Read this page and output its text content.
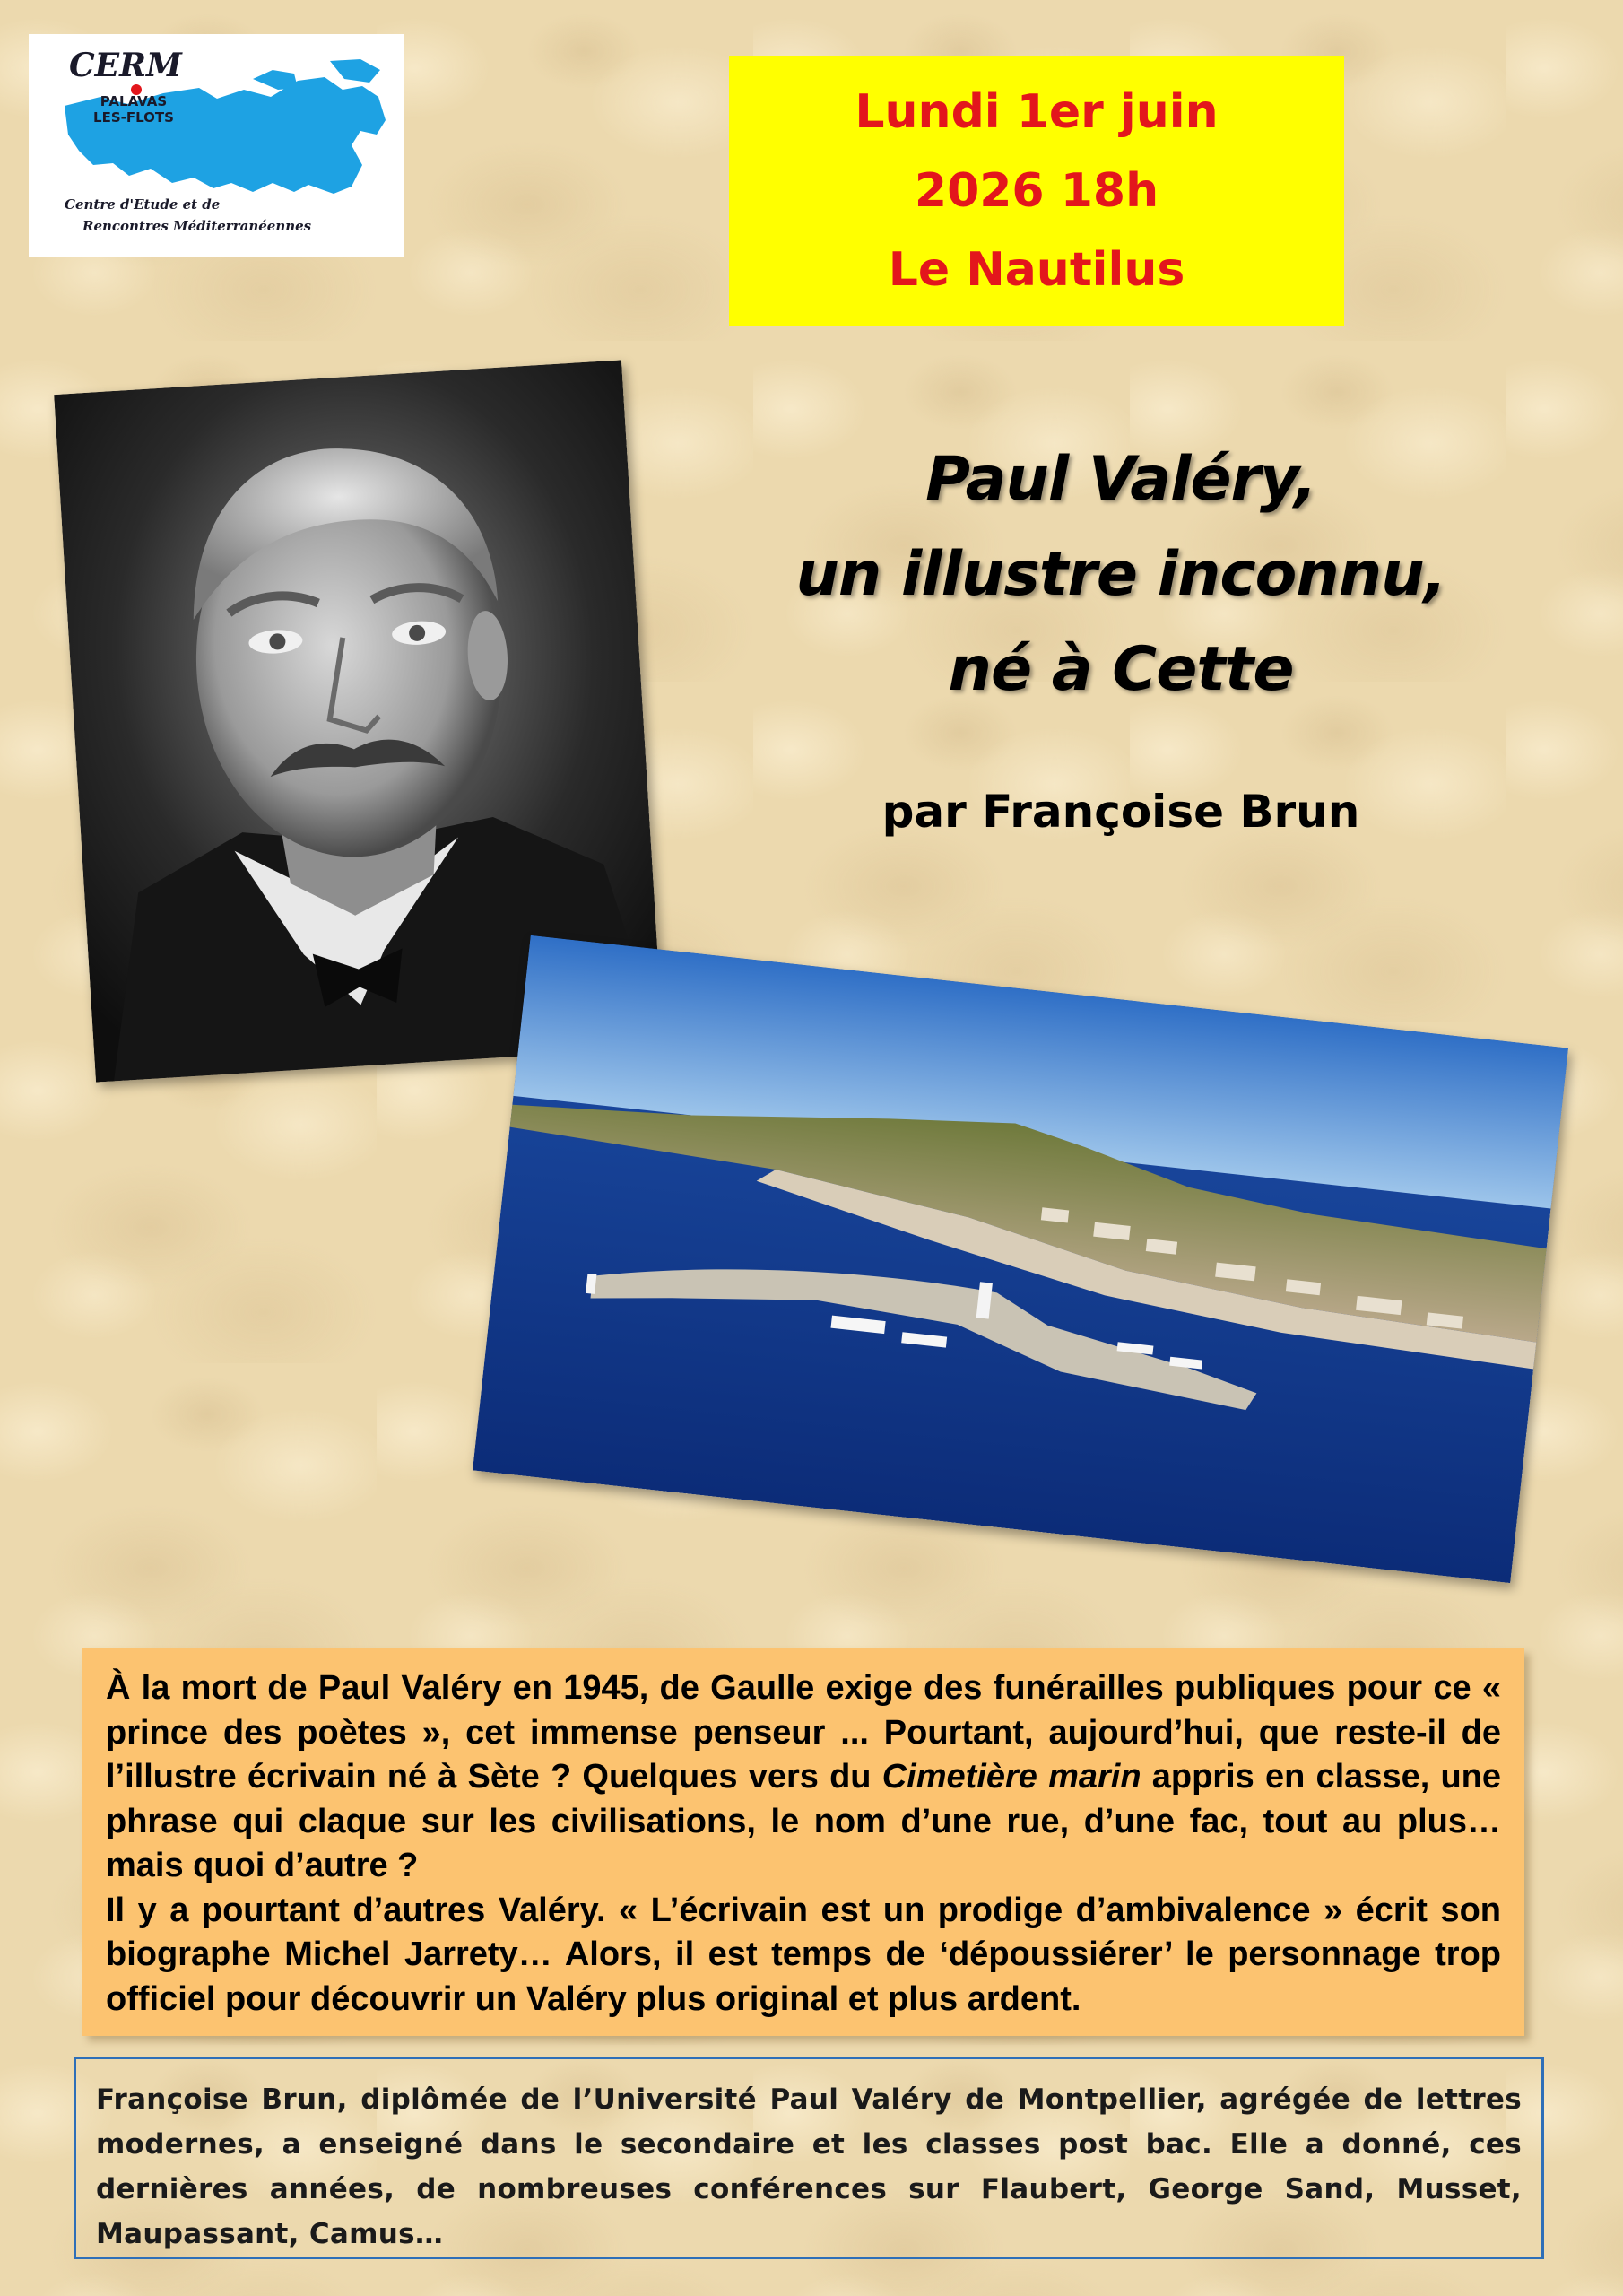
CERM
PALAVAS
LES-FLOTS
Centre d'Etude et de
Rencontres Méditerranéennes
Lundi 1er juin
2026 18h
Le Nautilus
Paul Valéry,
un illustre inconnu,
né à Cette
par Françoise Brun

À la mort de Paul Valéry en 1945, de Gaulle exige des funérailles publiques pour ce « prince des poètes », cet immense penseur ... Pourtant, aujourd’hui, que reste-il de l’illustre écrivain né à Sète ? Quelques vers du Cimetière marin appris en classe, une phrase qui claque sur les civilisations, le nom d’une rue, d’une fac, tout au plus… mais quoi d’autre ?

Il y a pourtant d’autres Valéry. « L’écrivain est un prodige d’ambivalence » écrit son biographe Michel Jarrety… Alors, il est temps de ‘dépoussiérer’ le personnage trop officiel pour découvrir un Valéry plus original et plus ardent.

Françoise Brun, diplômée de l’Université Paul Valéry de Montpellier, agrégée de lettres modernes, a enseigné dans le secondaire et les classes post bac. Elle a donné, ces dernières années, de nombreuses conférences sur Flaubert, George Sand, Musset, Maupassant, Camus…
